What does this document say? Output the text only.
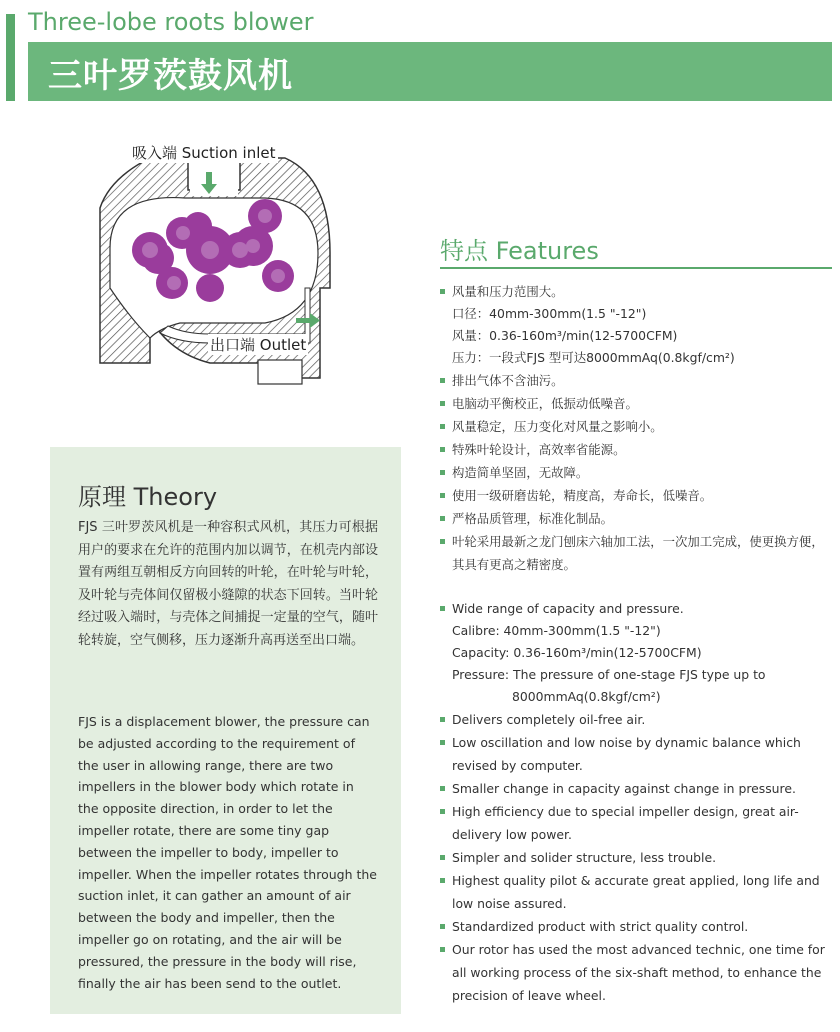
Three-lobe roots blower
三叶罗茨鼓风机
吸入端 Suction inlet
出口端 Outlet
特点 Features
风量和压力范围大。
口径：40mm-300mm(1.5 "-12")
风量：0.36-160m³/min(12-5700CFM)
压力：一段式FJS 型可达8000mmAq(0.8kgf/cm²)
排出气体不含油污。
电脑动平衡校正，低振动低噪音。
风量稳定，压力变化对风量之影响小。
特殊叶轮设计，高效率省能源。
构造简单坚固，无故障。
使用一级研磨齿轮，精度高，寿命长，低噪音。
严格品质管理，标准化制品。
叶轮采用最新之龙门刨床六轴加工法，一次加工完成，使更换方便，其具有更高之精密度。
Wide range of capacity and pressure.
Calibre: 40mm-300mm(1.5 "-12")
Capacity: 0.36-160m³/min(12-5700CFM)
Pressure: The pressure of one-stage FJS type up to
8000mmAq(0.8kgf/cm²)
Delivers completely oil-free air.
Low oscillation and low noise by dynamic balance which revised by computer.
Smaller change in capacity against change in pressure.
High efficiency due to special impeller design, great air-delivery low power.
Simpler and solider structure, less trouble.
Highest quality pilot & accurate great applied, long life and low noise assured.
Standardized product with strict quality control.
Our rotor has used the most advanced technic, one time for all working process of the six-shaft method, to enhance the precision of leave wheel.
原理 Theory

FJS 三叶罗茨风机是一种容积式风机，其压力可根据用户的要求在允许的范围内加以调节，在机壳内部设置有两组互朝相反方向回转的叶轮，在叶轮与叶轮，及叶轮与壳体间仅留极小缝隙的状态下回转。当叶轮经过吸入端时，与壳体之间捕捉一定量的空气，随叶轮转旋，空气侧移，压力逐渐升高再送至出口端。

FJS is a displacement blower, the pressure can be adjusted according to the requirement of the user in allowing range, there are two impellers in the blower body which rotate in the opposite direction, in order to let the impeller rotate, there are some tiny gap between the impeller to body, impeller to impeller. When the impeller rotates through the suction inlet, it can gather an amount of air between the body and impeller, then the impeller go on rotating, and the air will be pressured, the pressure in the body will rise, finally the air has been send to the outlet.
